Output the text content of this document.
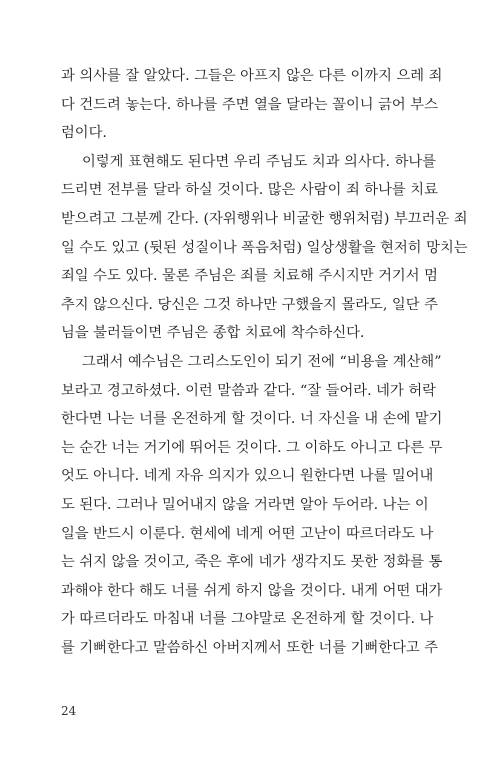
과 의사를 잘 알았다. 그들은 아프지 않은 다른 이까지 으레 죄
다 건드려 놓는다. 하나를 주면 열을 달라는 꼴이니 긁어 부스
럼이다.
이렇게 표현해도 된다면 우리 주님도 치과 의사다. 하나를
드리면 전부를 달라 하실 것이다. 많은 사람이 죄 하나를 치료
받으려고 그분께 간다. (자위행위나 비굴한 행위처럼) 부끄러운 죄
일 수도 있고 (뒷된 성질이나 폭음처럼) 일상생활을 현저히 망치는
죄일 수도 있다. 물론 주님은 죄를 치료해 주시지만 거기서 멈
추지 않으신다. 당신은 그것 하나만 구했을지 몰라도, 일단 주
님을 불러들이면 주님은 종합 치료에 착수하신다.
그래서 예수님은 그리스도인이 되기 전에 “비용을 계산해”
보라고 경고하셨다. 이런 말씀과 같다. “잘 들어라. 네가 허락
한다면 나는 너를 온전하게 할 것이다. 너 자신을 내 손에 맡기
는 순간 너는 거기에 뛰어든 것이다. 그 이하도 아니고 다른 무
엇도 아니다. 네게 자유 의지가 있으니 원한다면 나를 밀어내
도 된다. 그러나 밀어내지 않을 거라면 알아 두어라. 나는 이
일을 반드시 이룬다. 현세에 네게 어떤 고난이 따르더라도 나
는 쉬지 않을 것이고, 죽은 후에 네가 생각지도 못한 정화를 통
과해야 한다 해도 너를 쉬게 하지 않을 것이다. 내게 어떤 대가
가 따르더라도 마침내 너를 그야말로 온전하게 할 것이다. 나
를 기뻐한다고 말씀하신 아버지께서 또한 너를 기뻐한다고 주
24
